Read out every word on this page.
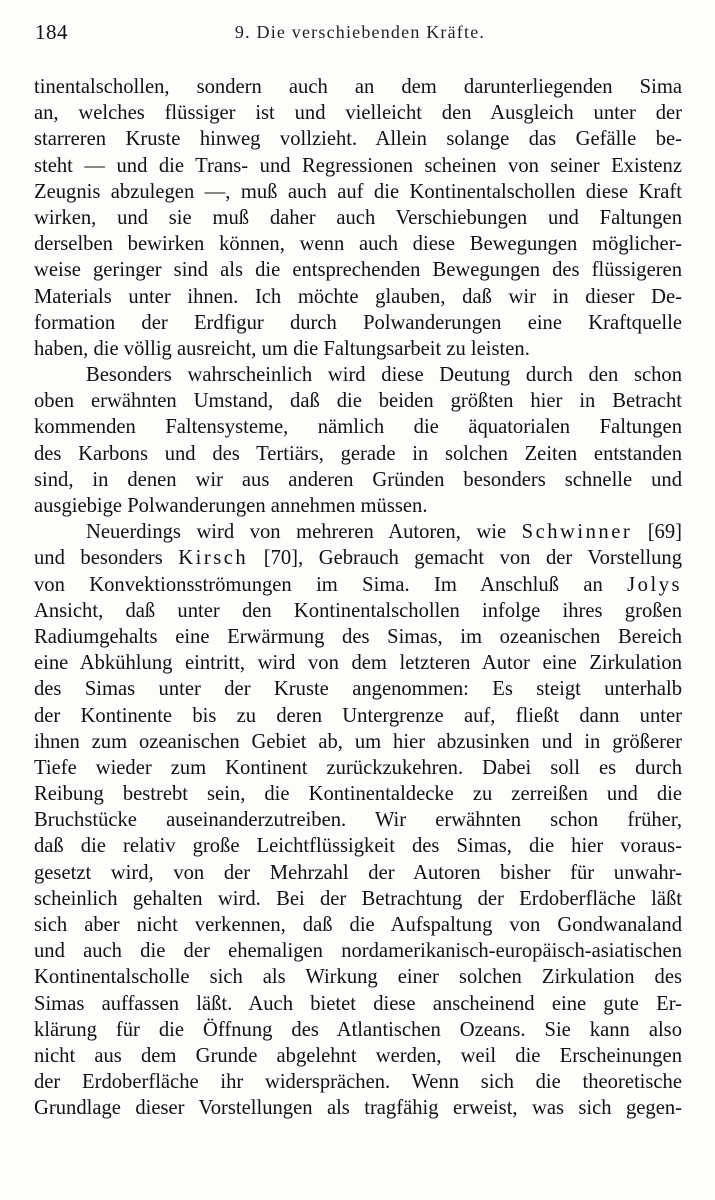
184	9. Die verschiebenden Kräfte.
tinentalschollen, sondern auch an dem darunterliegenden Sima
an, welches flüssiger ist und vielleicht den Ausgleich unter der
starreren Kruste hinweg vollzieht. Allein solange das Gefälle be-
steht — und die Trans- und Regressionen scheinen von seiner Existenz
Zeugnis abzulegen —, muß auch auf die Kontinentalschollen diese Kraft
wirken, und sie muß daher auch Verschiebungen und Faltungen
derselben bewirken können, wenn auch diese Bewegungen möglicher-
weise geringer sind als die entsprechenden Bewegungen des flüssigeren
Materials unter ihnen. Ich möchte glauben, daß wir in dieser De-
formation der Erdfigur durch Polwanderungen eine Kraftquelle
haben, die völlig ausreicht, um die Faltungsarbeit zu leisten.
Besonders wahrscheinlich wird diese Deutung durch den schon
oben erwähnten Umstand, daß die beiden größten hier in Betracht
kommenden Faltensysteme, nämlich die äquatorialen Faltungen
des Karbons und des Tertiärs, gerade in solchen Zeiten entstanden
sind, in denen wir aus anderen Gründen besonders schnelle und
ausgiebige Polwanderungen annehmen müssen.
Neuerdings wird von mehreren Autoren, wie Schwinner [69]
und besonders Kirsch [70], Gebrauch gemacht von der Vorstellung
von Konvektionsströmungen im Sima. Im Anschluß an Jolys
Ansicht, daß unter den Kontinentalschollen infolge ihres großen
Radiumgehalts eine Erwärmung des Simas, im ozeanischen Bereich
eine Abkühlung eintritt, wird von dem letzteren Autor eine Zirkulation
des Simas unter der Kruste angenommen: Es steigt unterhalb
der Kontinente bis zu deren Untergrenze auf, fließt dann unter
ihnen zum ozeanischen Gebiet ab, um hier abzusinken und in größerer
Tiefe wieder zum Kontinent zurückzukehren. Dabei soll es durch
Reibung bestrebt sein, die Kontinentaldecke zu zerreißen und die
Bruchstücke auseinanderzutreiben. Wir erwähnten schon früher,
daß die relativ große Leichtflüssigkeit des Simas, die hier voraus-
gesetzt wird, von der Mehrzahl der Autoren bisher für unwahr-
scheinlich gehalten wird. Bei der Betrachtung der Erdoberfläche läßt
sich aber nicht verkennen, daß die Aufspaltung von Gondwanaland
und auch die der ehemaligen nordamerikanisch-europäisch-asiatischen
Kontinentalscholle sich als Wirkung einer solchen Zirkulation des
Simas auffassen läßt. Auch bietet diese anscheinend eine gute Er-
klärung für die Öffnung des Atlantischen Ozeans. Sie kann also
nicht aus dem Grunde abgelehnt werden, weil die Erscheinungen
der Erdoberfläche ihr widersprächen. Wenn sich die theoretische
Grundlage dieser Vorstellungen als tragfähig erweist, was sich gegen-
